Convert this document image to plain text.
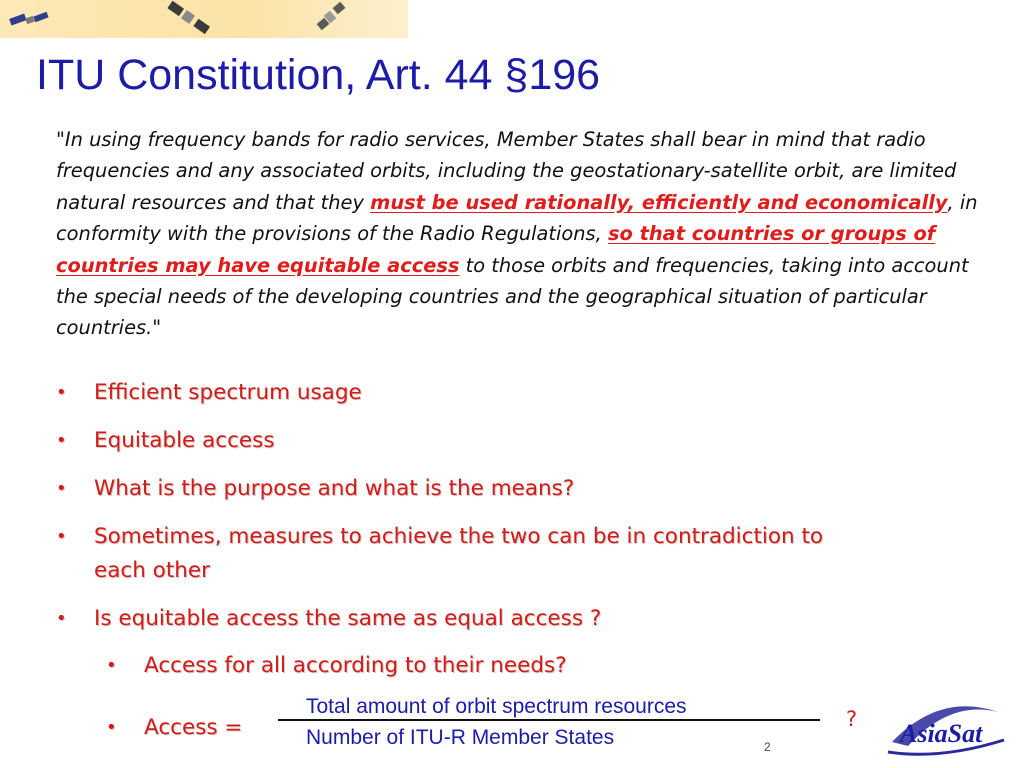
ITU Constitution, Art. 44 §196

"In using frequency bands for radio services, Member States shall bear in mind that radio frequencies and any associated orbits, including the geostationary-satellite orbit, are limited natural resources and that they must be used rationally, efficiently and economically, in conformity with the provisions of the Radio Regulations, so that countries or groups of countries may have equitable access to those orbits and frequencies, taking into account the special needs of the developing countries and the geographical situation of particular countries."

• Efficient spectrum usage
• Equitable access
• What is the purpose and what is the means?
• Sometimes, measures to achieve the two can be in contradiction to
each other
• Is equitable access the same as equal access ?
• Access for all according to their needs?
• Access =
Total amount of orbit spectrum resources
Number of ITU-R Member States
?
2	AsiaSat
